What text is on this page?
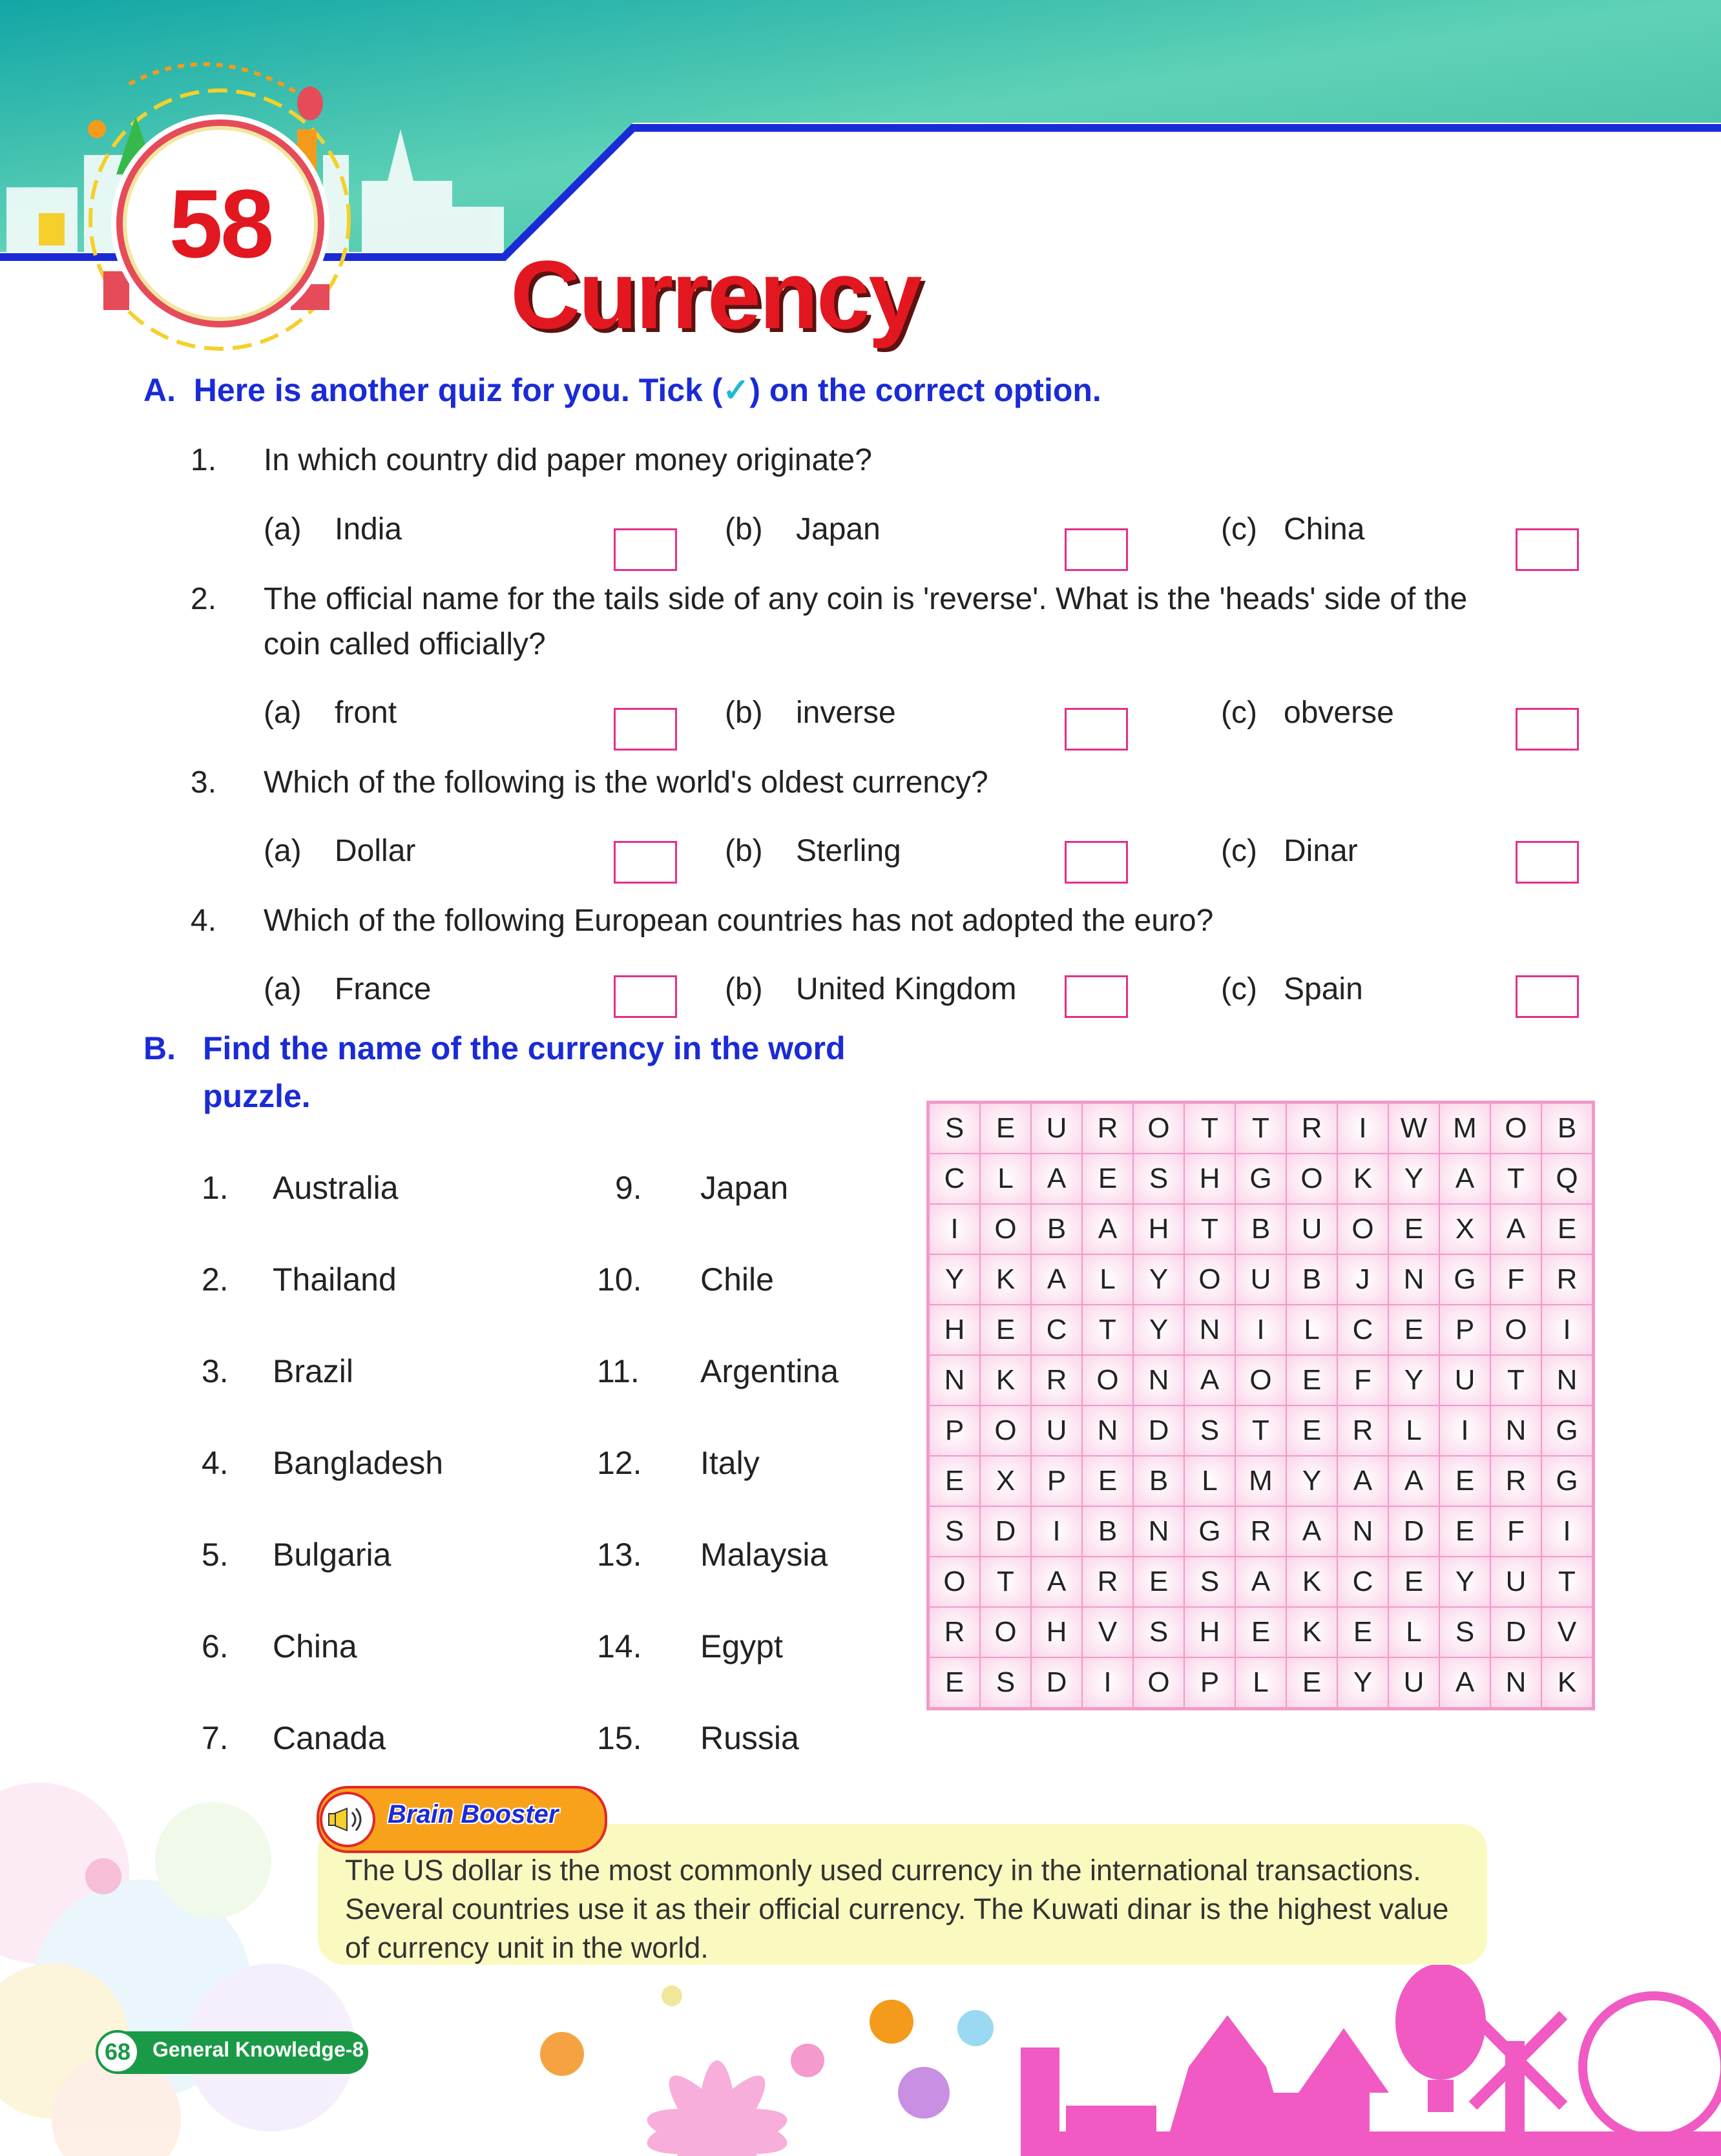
58
Currency
A. Here is another quiz for you. Tick (✓) on the correct option.
1. In which country did paper money originate?
(a) India	(b) Japan	(c) China
2. The official name for the tails side of any coin is 'reverse'. What is the 'heads' side of the
coin called officially?
(a) front	(b) inverse	(c) obverse
3. Which of the following is the world's oldest currency?
(a) Dollar	(b) Sterling	(c) Dinar
4. Which of the following European countries has not adopted the euro?
(a) France	(b) United Kingdom	(c) Spain
B. Find the name of the currency in the word
puzzle.
1. Australia
2. Thailand
3. Brazil
4. Bangladesh
5. Bulgaria
6. China
7. Canada
9. Japan
10. Chile
11. Argentina
12. Italy
13. Malaysia
14. Egypt
15. Russia
S	E	U	R	O	T	T	R	I	W	M	O	B
C	L	A	E	S	H	G	O	K	Y	A	T	Q
I	O	B	A	H	T	B	U	O	E	X	A	E
Y	K	A	L	Y	O	U	B	J	N	G	F	R
H	E	C	T	Y	N	I	L	C	E	P	O	I
N	K	R	O	N	A	O	E	F	Y	U	T	N
P	O	U	N	D	S	T	E	R	L	I	N	G
E	X	P	E	B	L	M	Y	A	A	E	R	G
S	D	I	B	N	G	R	A	N	D	E	F	I
O	T	A	R	E	S	A	K	C	E	Y	U	T
R	O	H	V	S	H	E	K	E	L	S	D	V
E	S	D	I	O	P	L	E	Y	U	A	N	K
Brain Booster
The US dollar is the most commonly used currency in the international transactions.
Several countries use it as their official currency. The Kuwati dinar is the highest value
of currency unit in the world.
68	General Knowledge-8
